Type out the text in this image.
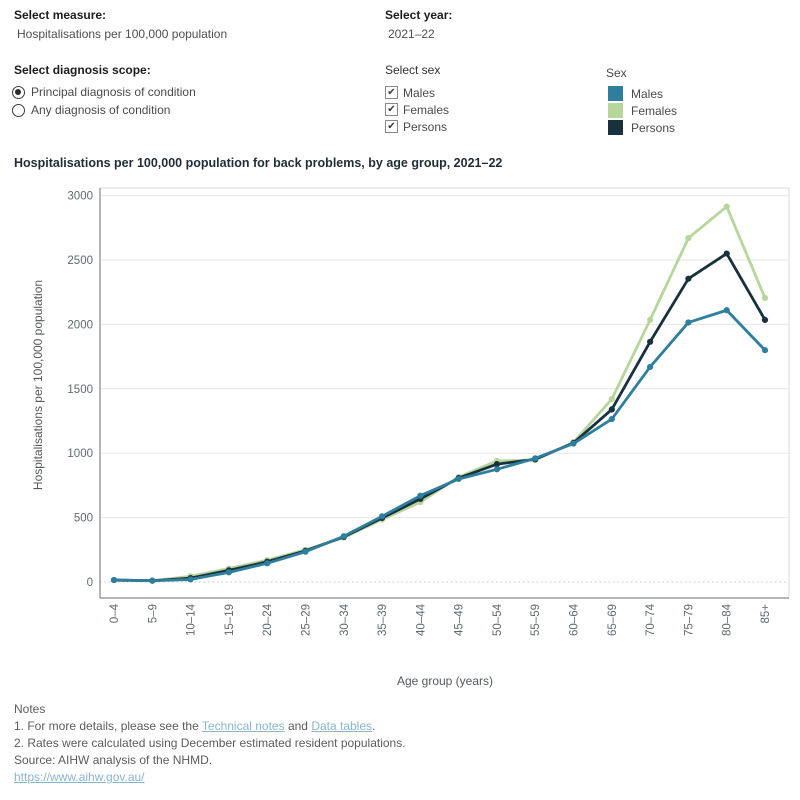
Select measure:
Hospitalisations per 100,000 population
Select year:
2021–22
Select diagnosis scope:
Principal diagnosis of condition
Any diagnosis of condition
Select sex
✔ Males
✔ Females
✔ Persons
Sex
Males
Females
Persons
Hospitalisations per 100,000 population for back problems, by age group, 2021–22
Hospitalisations per 100,000 population
0
500
1000
1500
2000
2500
3000
0–4 5–9 10–14 15–19 20–24 25–29 30–34 35–39 40–44 45–49 50–54 55–59 60–64 65–69 70–74 75–79 80–84 85+
Age group (years)
Notes
1. For more details, please see the Technical notes and Data tables.
2. Rates were calculated using December estimated resident populations.
Source: AIHW analysis of the NHMD.
https://www.aihw.gov.au/
